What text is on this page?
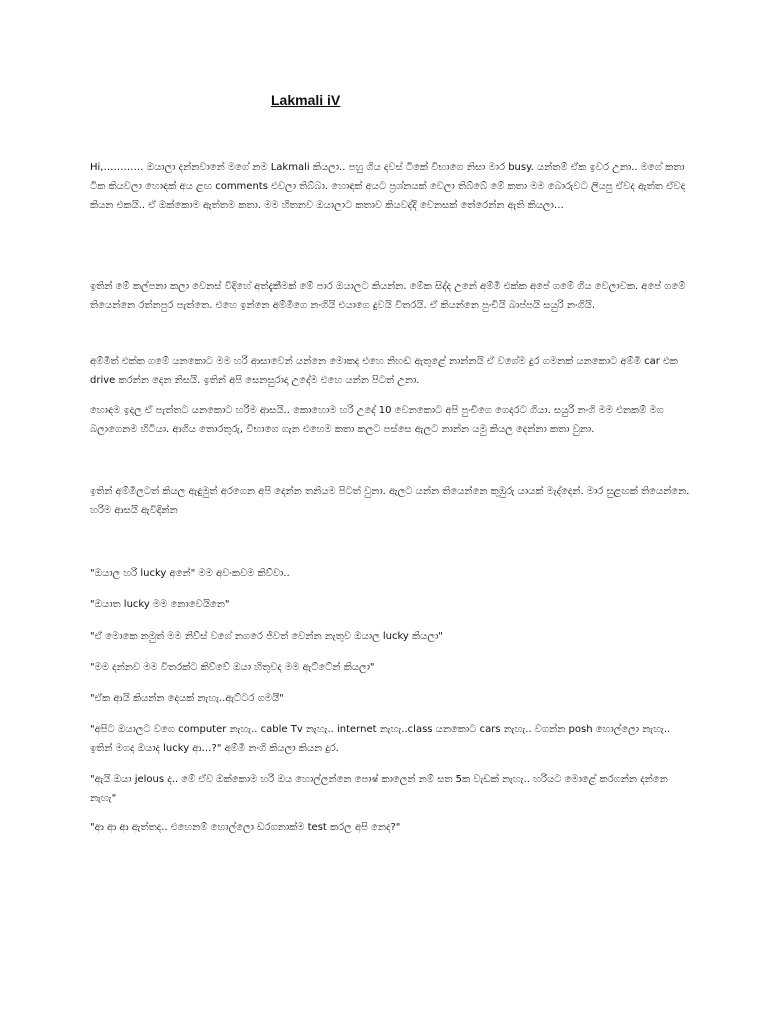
Lakmali iV

Hi,………… ඔයාලා දන්නවානේ මගේ නම Lakmali කියලා.. පහු ගිය දවස් ටිකේ විභාගෙ නිසා මාර busy. යන්තම් ඒක ඉවර උනා.. මගේ කතා ටික කියවලා හොඳක් අය ළඟ comments එවලා තිබ්බා. හොඳක් අයට ප්‍රශ්නයක් වෙලා තිබ්බේ මේ කතා මම බොරුවට ලියපු ඒවද ඇත්ත ඒවද කියන එකයි.. ඒ ඔක්කොම ඇත්තම කතා. මම හිතනව ඔයාලාට කතාව කියවද්දි වෙනසක් තේරෙන්න ඇති කියලා…

ඉතින් මේ කල්පනා කලා වෙනස් විදිහේ අත්දැකීමක් මේ පාර ඔයාලට කියන්න. මේක සිද්ද උනේ අම්මී එක්ක අපේ ගමේ ගිය වෙලාවක. අපේ ගමේ තියෙන්නෙ රත්නපුර පැත්තෙ. එහෙ ඉන්නෙ අම්මීගෙ නංගියි එයාගෙ දුවයි විතරයි. ඒ කියන්නෙ පුංචියි බාප්පයි සයුරි නංගියි.

අම්මීත් එක්ක ගමේ යනකොට මම හරි ආසාවෙන් යන්නෙ මොකද එහෙ නිහඬ ඇතුළේ නාන්නයි ඒ වගේම දුර ගමනක් යනකොට අම්මී car එක drive කරන්න දෙන නිසයි. ඉතින් අපි සෙනසුරාදා උදේම එහෙ යන්න පිටත් උනා.

හොඳම ඉදල ඒ පැත්තට යනකොට හරිම ආසයි.. කොහොම හරි උදේ 10 වෙනකොට අපි පුංචිගෙ ගෙදරට ගියා. සයුරි නංගි මම එනකම් මග බලාගෙනම හිටියා. ආගිය තොරතුරු, විභාගෙ ගැන එහෙම කතා කලට පස්සෙ ඇලට නාන්න යමු කියල දෙන්නා කතා වුනා.

ඉතින් අම්මීලටත් කියල ඇඳුමුත් අරගෙන අපි දෙන්න තනියම පිටත් වුනා. ඇලට යන්න තියෙන්නෙ කුඹුරු යායක් මැද්දෙන්. මාර සුළඟක් තියෙන්නෙ. හරිම ආසයි ඇවිදින්න

"ඔයාල හරි lucky අනේ" මම අවංකවම කිව්වා..

"ඔයාත lucky මම නොවෙයිනෙ"

"ඒ මොකෙ නමුත් මම නිව්ස් වගේ නගරෙ ජිවත් වෙන්න නැතුව ඔයාල lucky කියලා"

"මම දන්නව මම විතරක්ට කිව්වේ ඔයා හිතුවද මම ඇට්ටේන් කියලා"

"ඒක ආයි කියන්න දෙයක් නැහැ..ඇට්ටර ගමයී"

"අපිට ඔයාලට වගෙ computer නැහැ.. cable Tv නැහැ.. internet නැහැ..class යනකොට cars නැහැ.. වගන්න posh හොල්ලො නැහැ.. ඉතින් මගද ඔයාද lucky ආ…?" අම්මී නංගි කියලා කියන දුර.

"ඇයි ඔයා jelous ද.. මේ ඒව ඔක්කොම හරි ඔය හොල්ලන්නෙ පොෂ් කාලෙන් නම් සත 5ක වැඩක් නැහැ.. හරියට මොළේ කරගන්න දන්නෙ නැහැ"

"ආ ආ ආ ඇත්තද.. එහෙනම් හොල්ලො ඩරගනාක්ම test කරල අපි නෙද?"
